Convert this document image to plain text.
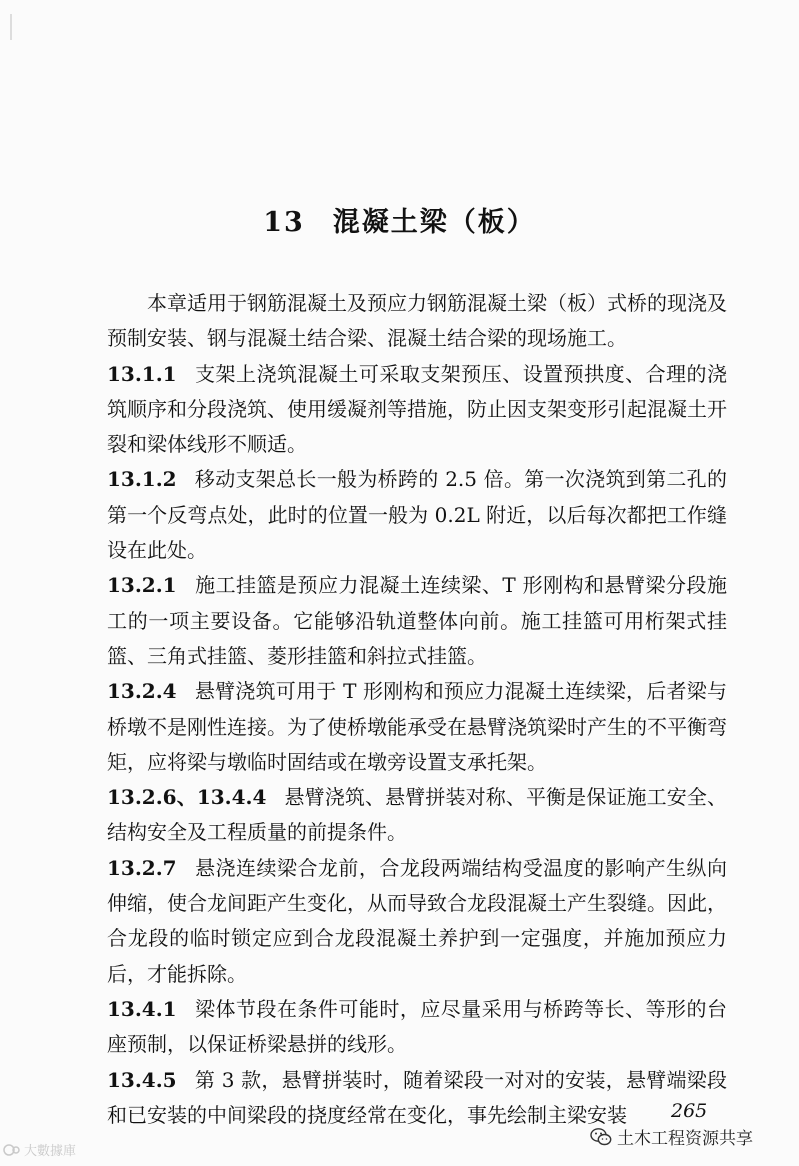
13 混凝土梁（板）

本章适用于钢筋混凝土及预应力钢筋混凝土梁（板）式桥的现浇及预制安装、钢与混凝土结合梁、混凝土结合梁的现场施工。

13.1.1 支架上浇筑混凝土可采取支架预压、设置预拱度、合理的浇筑顺序和分段浇筑、使用缓凝剂等措施，防止因支架变形引起混凝土开裂和梁体线形不顺适。

13.1.2 移动支架总长一般为桥跨的 2.5 倍。第一次浇筑到第二孔的第一个反弯点处，此时的位置一般为 0.2L 附近，以后每次都把工作缝设在此处。

13.2.1 施工挂篮是预应力混凝土连续梁、T 形刚构和悬臂梁分段施工的一项主要设备。它能够沿轨道整体向前。施工挂篮可用桁架式挂篮、三角式挂篮、菱形挂篮和斜拉式挂篮。

13.2.4 悬臂浇筑可用于 T 形刚构和预应力混凝土连续梁，后者梁与桥墩不是刚性连接。为了使桥墩能承受在悬臂浇筑梁时产生的不平衡弯矩，应将梁与墩临时固结或在墩旁设置支承托架。

13.2.6、13.4.4 悬臂浇筑、悬臂拼装对称、平衡是保证施工安全、结构安全及工程质量的前提条件。

13.2.7 悬浇连续梁合龙前，合龙段两端结构受温度的影响产生纵向伸缩，使合龙间距产生变化，从而导致合龙段混凝土产生裂缝。因此，合龙段的临时锁定应到合龙段混凝土养护到一定强度，并施加预应力后，才能拆除。

13.4.1 梁体节段在条件可能时，应尽量采用与桥跨等长、等形的台座预制，以保证桥梁悬拼的线形。

13.4.5 第 3 款，悬臂拼装时，随着梁段一对对的安装，悬臂端梁段和已安装的中间梁段的挠度经常在变化，事先绘制主梁安装	265
土木工程资源共享
大數據庫
